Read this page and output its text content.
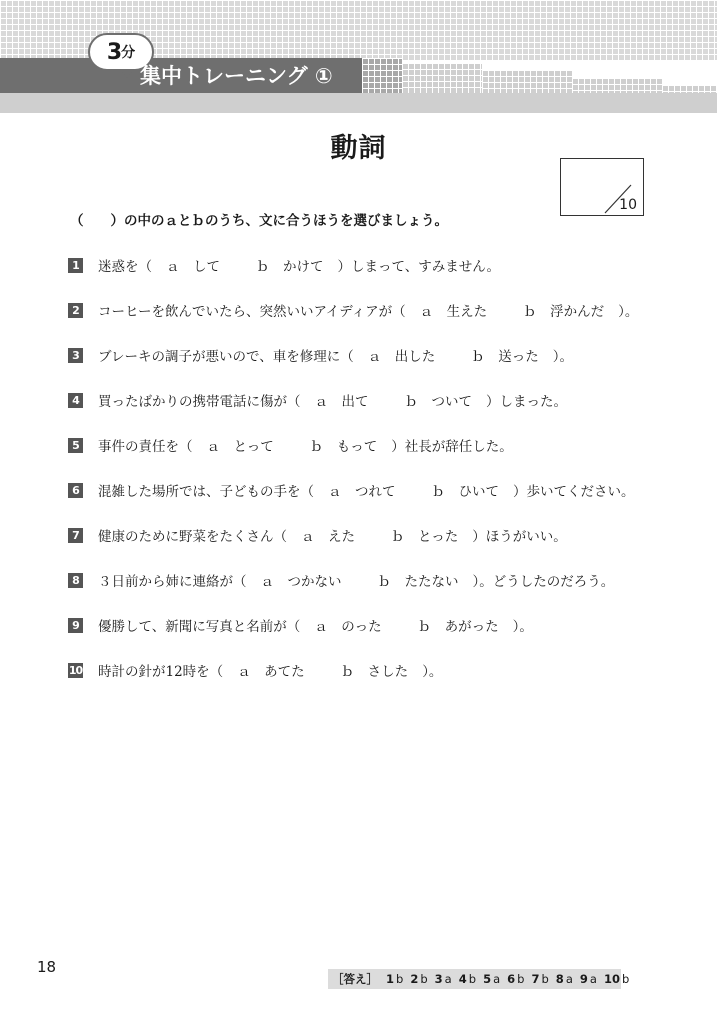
3 分
集中トレーニング ①
動詞
10
（　　）の中のａとｂのうち、文に合うほうを選びましょう。
1	迷惑を（ ａ　して	ｂ　かけて ）しまって、すみません。
2	コーヒーを飲んでいたら、突然いいアイディアが（ ａ　生えた	ｂ　浮かんだ ）。
3	ブレーキの調子が悪いので、車を修理に（ ａ　出した	ｂ　送った ）。
4	買ったばかりの携帯電話に傷が（ ａ　出て	ｂ　ついて ）しまった。
5	事件の責任を（ ａ　とって	ｂ　もって ）社長が辞任した。
6	混雑した場所では、子どもの手を（ ａ　つれて	ｂ　ひいて ）歩いてください。
7	健康のために野菜をたくさん（ ａ　えた	ｂ　とった ）ほうがいい。
8	３日前から姉に連絡が（ ａ　つかない	ｂ　たたない ）。どうしたのだろう。
9	優勝して、新聞に写真と名前が（ ａ　のった	ｂ　あがった ）。
10 時計の針が12時を（ ａ　あてた	ｂ　さした ）。
18
［答え］ 1 b 2 b 3 a 4 b 5 a 6 b 7 b 8 a 9 a 10 b
